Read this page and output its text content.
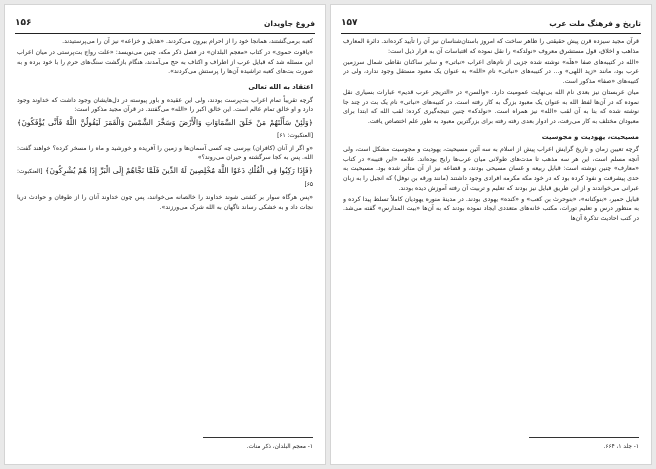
فروغ جاویدان
۱۵۶

کعبه برمی‌گشتند، همانجا خود را از احرام بیرون می‌کردند. «هذیل و خزاعه» نیز آن را می‌پرستیدند.

«یاقوت حموی» در کتاب «معجم البلدان» در فصل ذکر مکه، چنین می‌نویسد: «علت رواج بت‌پرستی در میان اعراب این مسئله شد که قبایل عرب از اطراف و اکناف به حج می‌آمدند، هنگام بازگشت سنگ‌های حرم را با خود برده و به صورت بت‌های کعبه تراشیده آن‌ها را پرستش می‌کردند».

اعتقاد به الله تعالی

گرچه تقریباً تمام اعراب بت‌پرست بودند، ولی این عقیده و باور پیوسته در دل‌هایشان وجود داشت که خداوند وجود دارد و او خالق تمام عالم است. این خالق اکبر را «الله» می‌گفتند. در قرآن مجید مذکور است:

﴿وَلَئِنْ سَأَلْتَهُمْ مَنْ خَلَقَ السَّمَاوَاتِ وَالْأَرْضَ وَسَخَّرَ الشَّمْسَ وَالْقَمَرَ لَيَقُولُنَّ اللَّهُ فَأَنَّى يُؤْفَكُونَ﴾ [العنکبوت: ۶۱]

«و اگر از آنان (کافران) بپرسی چه کسی آسمان‌ها و زمین را آفریده و خورشید و ماه را مسخر کرده؟ خواهند گفت: الله. پس به کجا سرگشته و حیران می‌روند؟»

﴿فَإِذَا رَكِبُوا فِي الْفُلْكِ دَعَوُا اللَّهَ مُخْلِصِينَ لَهُ الدِّينَ فَلَمَّا نَجَّاهُمْ إِلَى الْبَرِّ إِذَا هُمْ يُشْرِكُونَ﴾ [العنکبوت: ۶۵]

«پس هرگاه سوار بر کشتی شوند خداوند را خالصانه می‌خوانند، پس چون خداوند آنان را از طوفان و حوادث دریا نجات داد و به خشکی رساند ناگهان به الله شرک می‌ورزند».

۱- معجم البلدان، ذکر منات.
تاریخ و فرهنگ ملت عرب
۱۵۷

قرآن مجید سیزده قرن پیش حقیقتی را ظاهر ساخت که امروز باستان‌شناسان نیز آن را تأیید کرده‌اند. دائرة المعارف مذاهب و اخلاق، قول مستشرق معروف «نولدکه» را نقل نموده که اقتباسات آن به قرار ذیل است:

«الله در کتیبه‌های صفا «هلَه» نوشته شده جزیی از نام‌های اعراب «نباتی» و سایر ساکنان نقاطی شمال سرزمین عرب بود، مانند «زید اللهی» و... در کتیبه‌های «نباتی» نام «الله» به عنوان یک معبود مستقل وجود ندارد، ولی در کتیبه‌های «صفا» مذکور است.

میان عربستان نیز بعدی نام الله بی‌نهایت عمومیت دارد. «والسن» در «التریجر عرب قدیم» عبارات بسیاری نقل نموده که در آن‌ها لفظ الله به عنوان یک معبود بزرگ به کار رفته است. در کتیبه‌های «نباتی» نام یک بت در چند جا نوشته شده که بنا به آن لقب «الله» نیز همراه است. «نولدکه» چنین نتیجه‌گیری کرده: لقب الله که ابتدا برای معبودان مختلف به کار می‌رفت، در ادوار بعدی رفته رفته برای بزرگترین معبود به طور علم اختصاص یافت.

مسیحیت، یهودیت و مجوسیت

گرچه تعیین زمان و تاریخ گرایش اعراب پیش از اسلام به سه آئین مسیحیت، یهودیت و مجوسیت مشکل است، ولی آنچه مسلم است، این هر سه مذهب تا مدت‌های طولانی میان عرب‌ها رایج بوده‌اند. علامه «ابن قتیبه» در کتاب «معارف» چنین نوشته است: قبایل ربیعه و غسان مسیحی بودند، و قضاعه نیز از آن متأثر شده بود. مسیحیت به حدی پیشرفت و نفوذ کرده بود که در خود مکه مکرمه افرادی وجود داشتند (مانند ورقه بن نوفل) که انجیل را به زبان عبرانی می‌خواندند و از این طریق قبایل نیز بودند که تعلیم و تربیت آن رفته آموزش دیده بودند.

قبایل حمیر، «بنوکنانه»، «بنوحرث بن کعب» و «کنده» یهودی بودند. در مدینهٔ منوره یهودیان کاملاً تسلط پیدا کرده و به منظور درس و تعلیم تورات، مکتب خانه‌های متعددی ایجاد نموده بودند که به آن‌ها «بیت المدارس» گفته می‌شد. در کتب احادیث تذکرهٔ آن‌ها

۱- جلد ۱، ۶۶۴.
